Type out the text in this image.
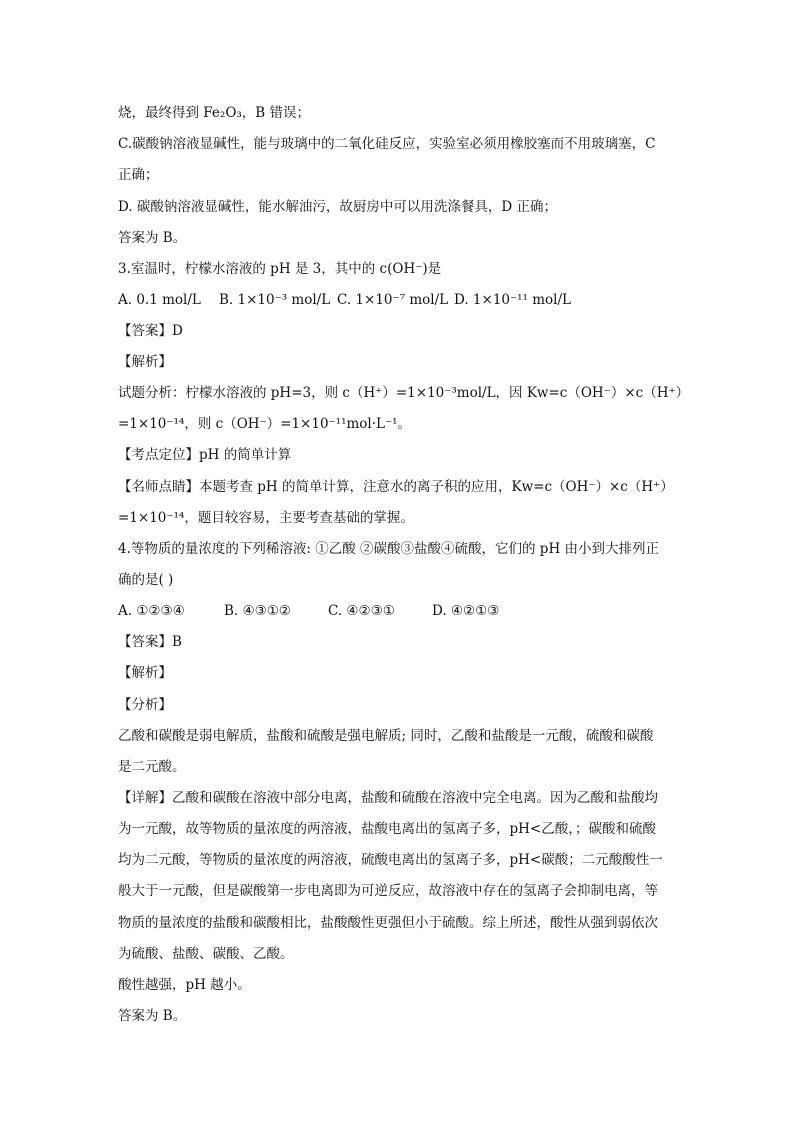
烧，最终得到 Fe₂O₃，B 错误；
C.碳酸钠溶液显碱性，能与玻璃中的二氧化硅反应，实验室必须用橡胶塞而不用玻璃塞，C
正确；
D. 碳酸钠溶液显碱性，能水解油污，故厨房中可以用洗涤餐具，D 正确；
答案为 B。
3.室温时，柠檬水溶液的 pH 是 3，其中的 c(OH⁻)是
A. 0.1 mol/L B. 1×10⁻³ mol/L C. 1×10⁻⁷ mol/L D. 1×10⁻¹¹ mol/L
【答案】D
【解析】
试题分析：柠檬水溶液的 pH=3，则 c（H⁺）=1×10⁻³mol/L，因 Kw=c（OH⁻）×c（H⁺）
=1×10⁻¹⁴，则 c（OH⁻）=1×10⁻¹¹mol·L⁻¹。
【考点定位】pH 的简单计算
【名师点睛】本题考查 pH 的简单计算，注意水的离子积的应用，Kw=c（OH⁻）×c（H⁺）
=1×10⁻¹⁴，题目较容易，主要考查基础的掌握。
4.等物质的量浓度的下列稀溶液: ①乙酸 ②碳酸③盐酸④硫酸，它们的 pH 由小到大排列正
确的是( )
A. ①②③④	B. ④③①②	C. ④②③①	D. ④②①③
【答案】B
【解析】
【分析】
乙酸和碳酸是弱电解质，盐酸和硫酸是强电解质; 同时，乙酸和盐酸是一元酸，硫酸和碳酸
是二元酸。
【详解】乙酸和碳酸在溶液中部分电离，盐酸和硫酸在溶液中完全电离。因为乙酸和盐酸均
为一元酸，故等物质的量浓度的两溶液，盐酸电离出的氢离子多，pH<乙酸，；碳酸和硫酸
均为二元酸，等物质的量浓度的两溶液，硫酸电离出的氢离子多，pH<碳酸；二元酸酸性一
般大于一元酸，但是碳酸第一步电离即为可逆反应，故溶液中存在的氢离子会抑制电离，等
物质的量浓度的盐酸和碳酸相比，盐酸酸性更强但小于硫酸。综上所述，酸性从强到弱依次
为硫酸、盐酸、碳酸、乙酸。
酸性越强，pH 越小。
答案为 B。
